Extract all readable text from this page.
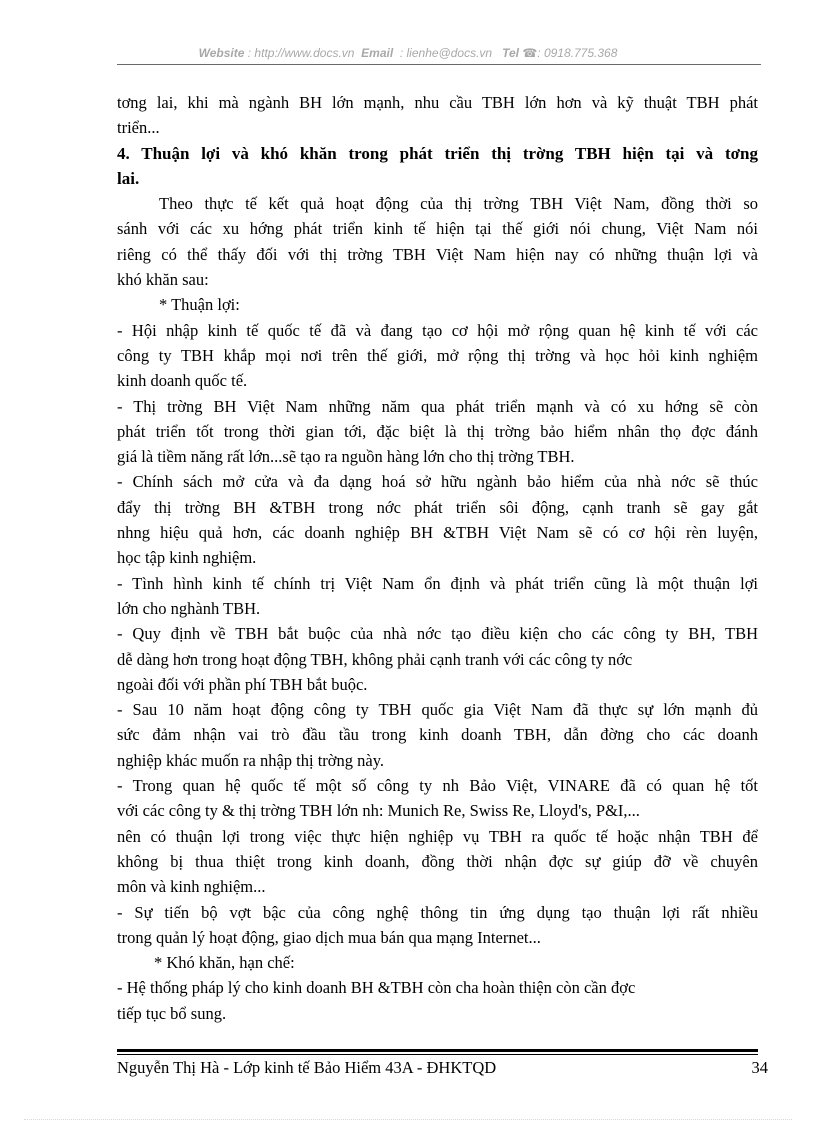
Website : http://www.docs.vn Email : lienhe@docs.vn Tel ☎: 0918.775.368
tơng lai, khi mà ngành BH lớn mạnh, nhu cầu TBH lớn hơn và kỹ thuật TBH phát
triển...
4. Thuận lợi và khó khăn trong phát triển thị trờng TBH hiện tại và tơng
lai.
Theo thực tế kết quả hoạt động của thị trờng TBH Việt Nam, đồng thời so
sánh với các xu hớng phát triển kinh tế hiện tại thế giới nói chung, Việt Nam nói
riêng có thể thấy đối với thị trờng TBH Việt Nam hiện nay có những thuận lợi và
khó khăn sau:
* Thuận lợi:
- Hội nhập kinh tế quốc tế đã và đang tạo cơ hội mở rộng quan hệ kinh tế với các
công ty TBH khắp mọi nơi trên thế giới, mở rộng thị trờng và học hỏi kinh nghiệm
kinh doanh quốc tế.
- Thị trờng BH Việt Nam những năm qua phát triển mạnh và có xu hớng sẽ còn
phát triển tốt trong thời gian tới, đặc biệt là thị trờng bảo hiểm nhân thọ đợc đánh
giá là tiềm năng rất lớn...sẽ tạo ra nguồn hàng lớn cho thị trờng TBH.
- Chính sách mở cửa và đa dạng hoá sở hữu ngành bảo hiểm của nhà nớc sẽ thúc
đẩy thị trờng BH &TBH trong nớc phát triển sôi động, cạnh tranh sẽ gay gắt
nhng hiệu quả hơn, các doanh nghiệp BH &TBH Việt Nam sẽ có cơ hội rèn luyện,
học tập kinh nghiệm.
- Tình hình kinh tế chính trị Việt Nam ổn định và phát triển cũng là một thuận lợi
lớn cho nghành TBH.
- Quy định về TBH bắt buộc của nhà nớc tạo điều kiện cho các công ty BH, TBH
dễ dàng hơn trong hoạt động TBH, không phải cạnh tranh với các công ty nớc
ngoài đối với phần phí TBH bắt buộc.
- Sau 10 năm hoạt động công ty TBH quốc gia Việt Nam đã thực sự lớn mạnh đủ
sức đảm nhận vai trò đầu tầu trong kinh doanh TBH, dẫn đờng cho các doanh
nghiệp khác muốn ra nhập thị trờng này.
- Trong quan hệ quốc tế một số công ty nh Bảo Việt, VINARE đã có quan hệ tốt
với các công ty & thị trờng TBH lớn nh: Munich Re, Swiss Re, Lloyd's, P&I,...
nên có thuận lợi trong việc thực hiện nghiệp vụ TBH ra quốc tế hoặc nhận TBH để
không bị thua thiệt trong kinh doanh, đồng thời nhận đợc sự giúp đỡ về chuyên
môn và kinh nghiệm...
- Sự tiến bộ vợt bậc của công nghệ thông tin ứng dụng tạo thuận lợi rất nhiều
trong quản lý hoạt động, giao dịch mua bán qua mạng Internet...
* Khó khăn, hạn chế:
- Hệ thống pháp lý cho kinh doanh BH &TBH còn cha hoàn thiện còn cần đợc
tiếp tục bổ sung.
Nguyễn Thị Hà - Lớp kinh tế Bảo Hiểm 43A - ĐHKTQD	34
